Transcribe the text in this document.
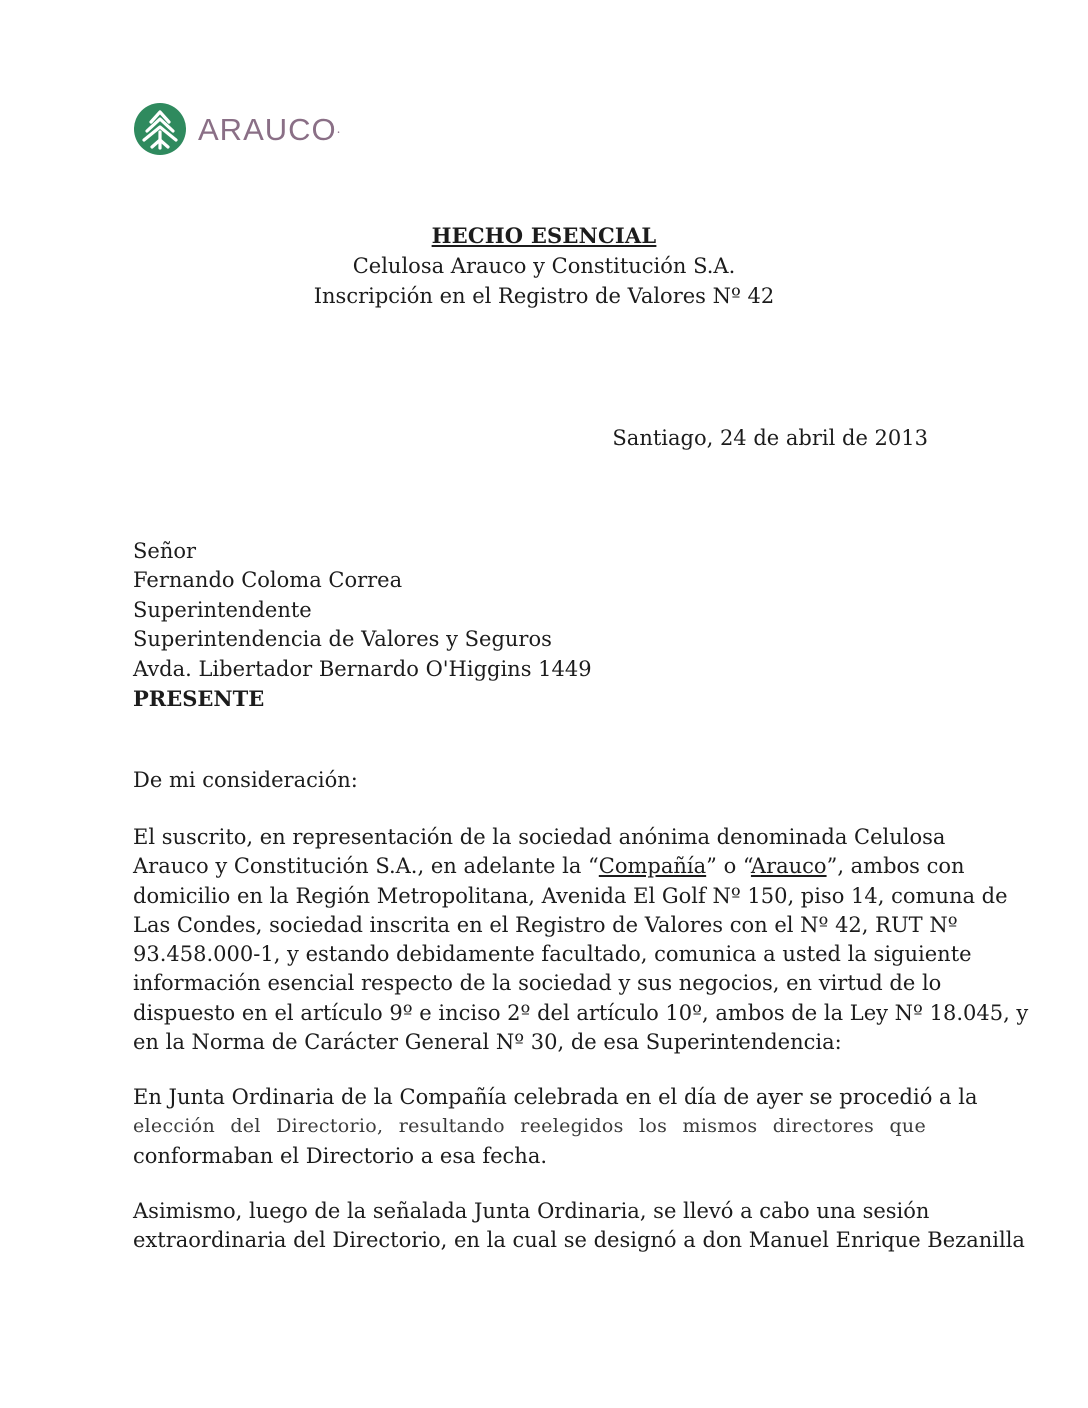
ARAUCO .
HECHO ESENCIAL
Celulosa Arauco y Constitución S.A.
Inscripción en el Registro de Valores Nº 42
Santiago, 24 de abril de 2013
Señor
Fernando Coloma Correa
Superintendente
Superintendencia de Valores y Seguros
Avda. Libertador Bernardo O'Higgins 1449
PRESENTE
De mi consideración:
El suscrito, en representación de la sociedad anónima denominada Celulosa
Arauco y Constitución S.A., en adelante la “Compañía” o “Arauco”, ambos con
domicilio en la Región Metropolitana, Avenida El Golf Nº 150, piso 14, comuna de
Las Condes, sociedad inscrita en el Registro de Valores con el Nº 42, RUT Nº
93.458.000-1, y estando debidamente facultado, comunica a usted la siguiente
información esencial respecto de la sociedad y sus negocios, en virtud de lo
dispuesto en el artículo 9º e inciso 2º del artículo 10º, ambos de la Ley Nº 18.045, y
en la Norma de Carácter General Nº 30, de esa Superintendencia:
En Junta Ordinaria de la Compañía celebrada en el día de ayer se procedió a la
elección del Directorio, resultando reelegidos los mismos directores que
conformaban el Directorio a esa fecha.
Asimismo, luego de la señalada Junta Ordinaria, se llevó a cabo una sesión
extraordinaria del Directorio, en la cual se designó a don Manuel Enrique Bezanilla
